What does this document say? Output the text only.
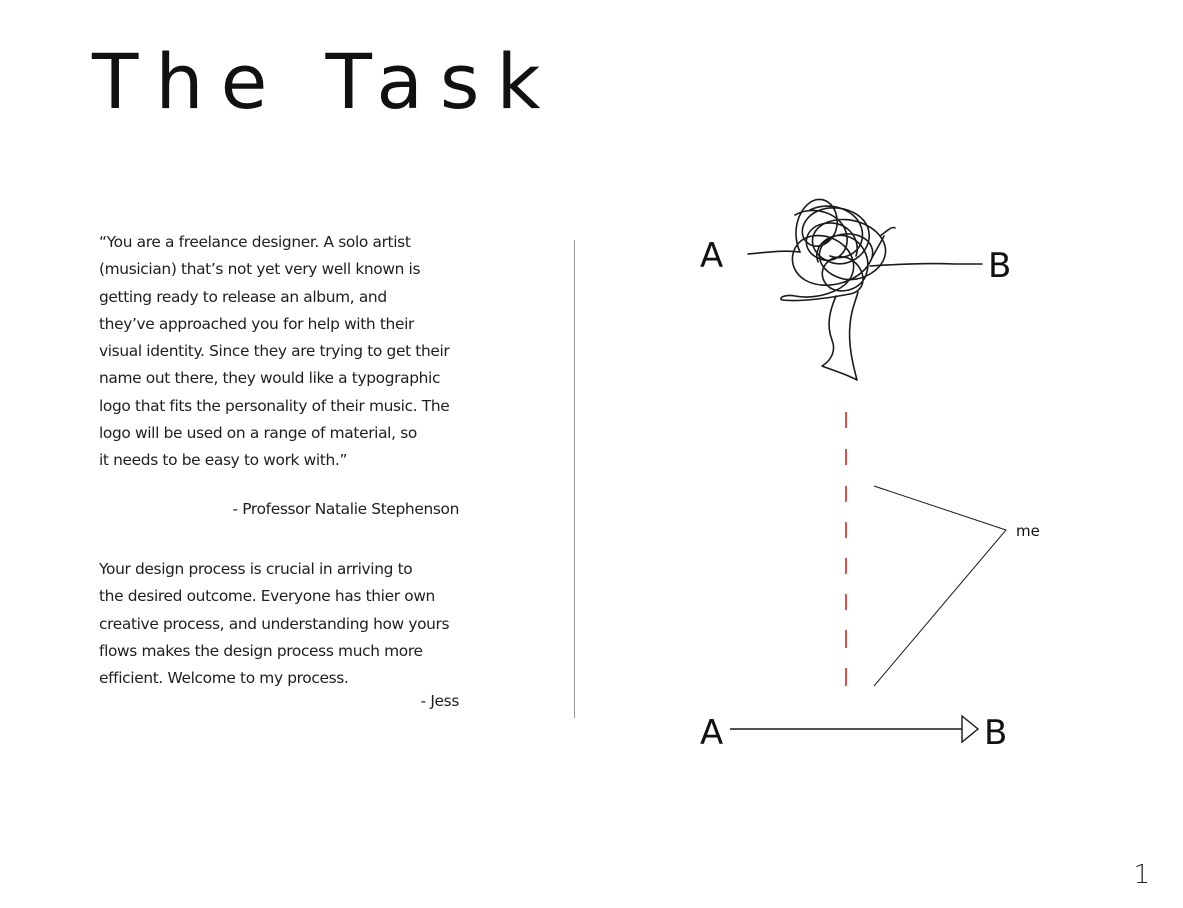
The Task
“You are a freelance designer. A solo artist
(musician) that’s not yet very well known is
getting ready to release an album, and
they’ve approached you for help with their
visual identity. Since they are trying to get their
name out there, they would like a typographic
logo that fits the personality of their music. The
logo will be used on a range of material, so
it needs to be easy to work with.”
- Professor Natalie Stephenson
Your design process is crucial in arriving to
the desired outcome. Everyone has thier own
creative process, and understanding how yours
flows makes the design process much more
efficient. Welcome to my process.
- Jess
A	B
me
A	B
1
